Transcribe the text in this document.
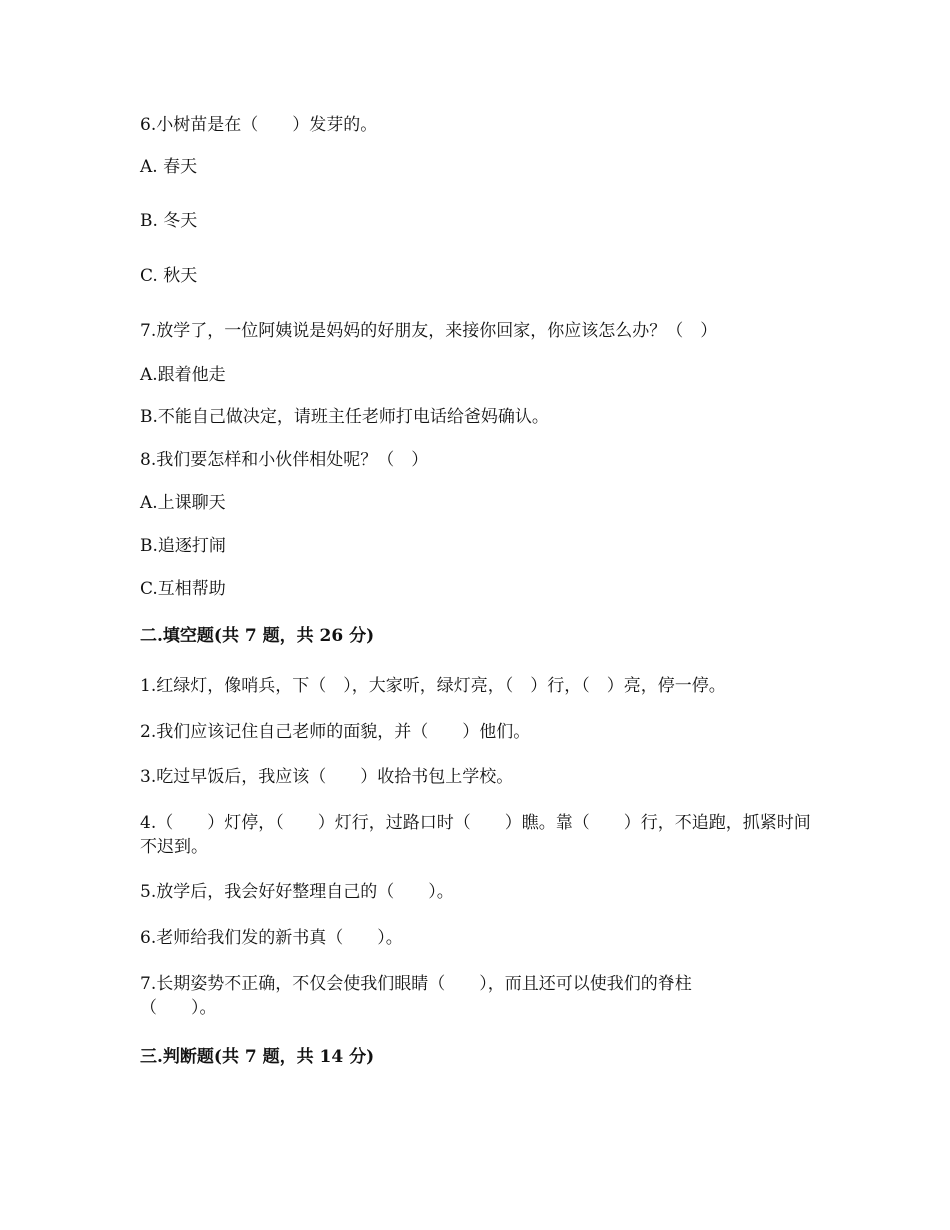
6.小树苗是在（　　）发芽的。
A. 春天
B. 冬天
C. 秋天
7.放学了，一位阿姨说是妈妈的好朋友，来接你回家，你应该怎么办？（　）
A.跟着他走
B.不能自己做决定，请班主任老师打电话给爸妈确认。
8.我们要怎样和小伙伴相处呢？（　）
A.上课聊天
B.追逐打闹
C.互相帮助
二.填空题(共 7 题，共 26 分)
1.红绿灯，像哨兵，下（　），大家听，绿灯亮，（　）行，（　）亮，停一停。
2.我们应该记住自己老师的面貌，并（　　）他们。
3.吃过早饭后，我应该（　　）收拾书包上学校。
4.（　　）灯停，（　　）灯行，过路口时（　　）瞧。靠（　　）行，不追跑，抓紧时间不迟到。
5.放学后，我会好好整理自己的（　　）。
6.老师给我们发的新书真（　　）。
7.长期姿势不正确，不仅会使我们眼睛（　　），而且还可以使我们的脊柱（　　）。
三.判断题(共 7 题，共 14 分)
